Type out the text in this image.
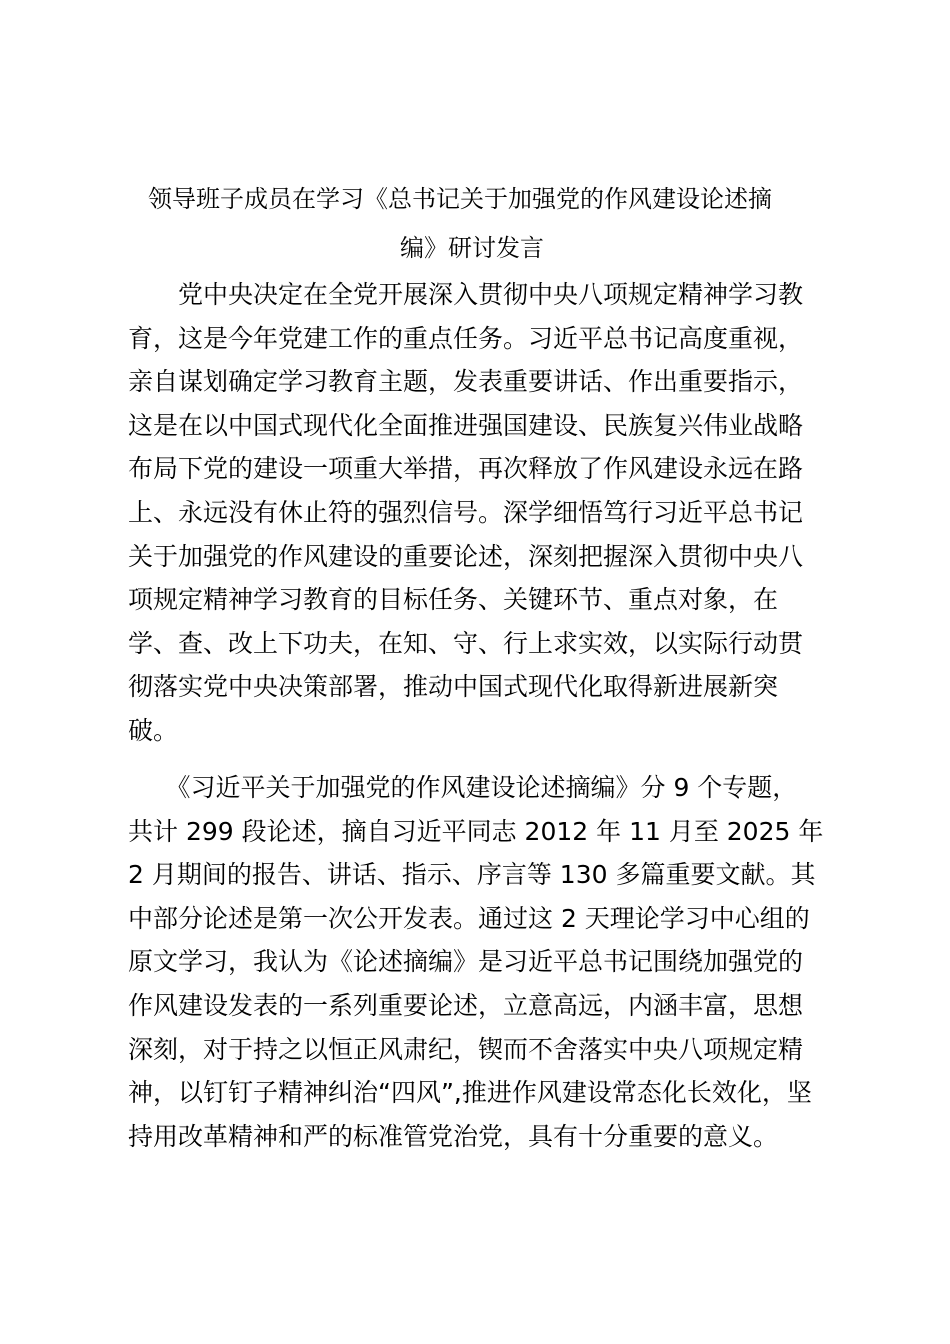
领导班子成员在学习《总书记关于加强党的作风建设论述摘
编》研讨发言
　　党中央决定在全党开展深入贯彻中央八项规定精神学习教
育，这是今年党建工作的重点任务。习近平总书记高度重视，
亲自谋划确定学习教育主题，发表重要讲话、作出重要指示，
这是在以中国式现代化全面推进强国建设、民族复兴伟业战略
布局下党的建设一项重大举措，再次释放了作风建设永远在路
上、永远没有休止符的强烈信号。深学细悟笃行习近平总书记
关于加强党的作风建设的重要论述，深刻把握深入贯彻中央八
项规定精神学习教育的目标任务、关键环节、重点对象，在
学、查、改上下功夫，在知、守、行上求实效，以实际行动贯
彻落实党中央决策部署，推动中国式现代化取得新进展新突
破。
　　《习近平关于加强党的作风建设论述摘编》分 9 个专题，
共计 299 段论述，摘自习近平同志 2012 年 11 月至 2025 年
2 月期间的报告、讲话、指示、序言等 130 多篇重要文献。其
中部分论述是第一次公开发表。通过这 2 天理论学习中心组的
原文学习，我认为《论述摘编》是习近平总书记围绕加强党的
作风建设发表的一系列重要论述，立意高远，内涵丰富，思想
深刻，对于持之以恒正风肃纪，锲而不舍落实中央八项规定精
神，以钉钉子精神纠治“四风”,推进作风建设常态化长效化，坚
持用改革精神和严的标准管党治党，具有十分重要的意义。
